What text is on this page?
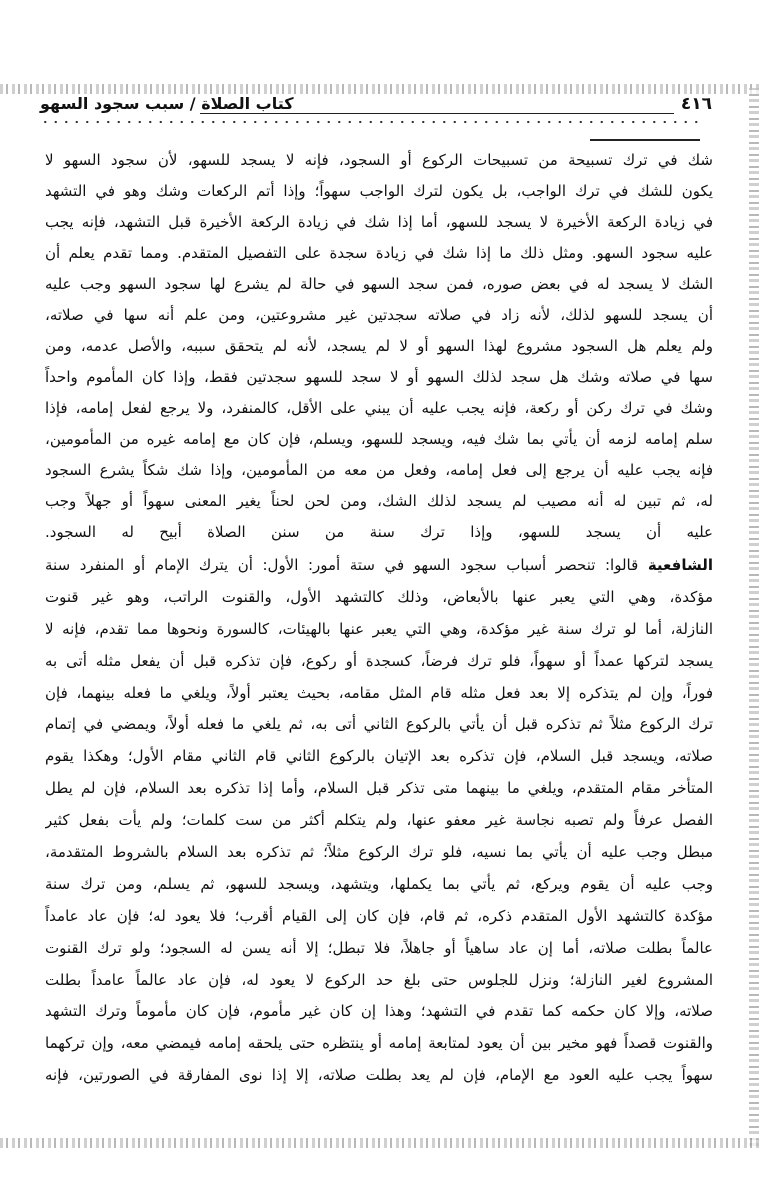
٤١٦
كتاب الصلاة / سبب سجود السهو
شك في ترك تسبيحة من تسبيحات الركوع أو السجود، فإنه لا يسجد للسهو، لأن سجود السهو لا
يكون للشك في ترك الواجب، بل يكون لترك الواجب سهواً؛ وإذا أتم الركعات وشك وهو في التشهد
في زيادة الركعة الأخيرة لا يسجد للسهو، أما إذا شك في زيادة الركعة الأخيرة قبل التشهد، فإنه يجب
عليه سجود السهو. ومثل ذلك ما إذا شك في زيادة سجدة على التفصيل المتقدم. ومما تقدم يعلم أن
الشك لا يسجد له في بعض صوره، فمن سجد السهو في حالة لم يشرع لها سجود السهو وجب عليه
أن يسجد للسهو لذلك، لأنه زاد في صلاته سجدتين غير مشروعتين، ومن علم أنه سها في صلاته،
ولم يعلم هل السجود مشروع لهذا السهو أو لا لم يسجد، لأنه لم يتحقق سببه، والأصل عدمه، ومن
سها في صلاته وشك هل سجد لذلك السهو أو لا سجد للسهو سجدتين فقط، وإذا كان المأموم واحداً
وشك في ترك ركن أو ركعة، فإنه يجب عليه أن يبني على الأقل، كالمنفرد، ولا يرجع لفعل إمامه، فإذا
سلم إمامه لزمه أن يأتي بما شك فيه، ويسجد للسهو، ويسلم، فإن كان مع إمامه غيره من المأمومين،
فإنه يجب عليه أن يرجع إلى فعل إمامه، وفعل من معه من المأمومين، وإذا شك شكاً يشرع السجود
له، ثم تبين له أنه مصيب لم يسجد لذلك الشك، ومن لحن لحناً يغير المعنى سهواً أو جهلاً وجب
عليه أن يسجد للسهو، وإذا ترك سنة من سنن الصلاة أبيح له السجود.
الشافعية قالوا: تنحصر أسباب سجود السهو في ستة أمور: الأول: أن يترك الإمام أو المنفرد سنة
مؤكدة، وهي التي يعبر عنها بالأبعاض، وذلك كالتشهد الأول، والقنوت الراتب، وهو غير قنوت
النازلة، أما لو ترك سنة غير مؤكدة، وهي التي يعبر عنها بالهيئات، كالسورة ونحوها مما تقدم، فإنه لا
يسجد لتركها عمداً أو سهواً، فلو ترك فرضاً، كسجدة أو ركوع، فإن تذكره قبل أن يفعل مثله أتى به
فوراً، وإن لم يتذكره إلا بعد فعل مثله قام المثل مقامه، بحيث يعتبر أولاً، ويلغي ما فعله بينهما، فإن
ترك الركوع مثلاً ثم تذكره قبل أن يأتي بالركوع الثاني أتى به، ثم يلغي ما فعله أولاً، ويمضي في إتمام
صلاته، ويسجد قبل السلام، فإن تذكره بعد الإتيان بالركوع الثاني قام الثاني مقام الأول؛ وهكذا يقوم
المتأخر مقام المتقدم، ويلغي ما بينهما متى تذكر قبل السلام، وأما إذا تذكره بعد السلام، فإن لم يطل
الفصل عرفاً ولم تصبه نجاسة غير معفو عنها، ولم يتكلم أكثر من ست كلمات؛ ولم يأت بفعل كثير
مبطل وجب عليه أن يأتي بما نسيه، فلو ترك الركوع مثلاً؛ ثم تذكره بعد السلام بالشروط المتقدمة،
وجب عليه أن يقوم ويركع، ثم يأتي بما يكملها، ويتشهد، ويسجد للسهو، ثم يسلم، ومن ترك سنة
مؤكدة كالتشهد الأول المتقدم ذكره، ثم قام، فإن كان إلى القيام أقرب؛ فلا يعود له؛ فإن عاد عامداً
عالماً بطلت صلاته، أما إن عاد ساهياً أو جاهلاً، فلا تبطل؛ إلا أنه يسن له السجود؛ ولو ترك القنوت
المشروع لغير النازلة؛ ونزل للجلوس حتى بلغ حد الركوع لا يعود له، فإن عاد عالماً عامداً بطلت
صلاته، وإلا كان حكمه كما تقدم في التشهد؛ وهذا إن كان غير مأموم، فإن كان مأموماً وترك التشهد
والقنوت قصداً فهو مخير بين أن يعود لمتابعة إمامه أو ينتظره حتى يلحقه إمامه فيمضي معه، وإن تركهما
سهواً يجب عليه العود مع الإمام، فإن لم يعد بطلت صلاته، إلا إذا نوى المفارقة في الصورتين، فإنه
